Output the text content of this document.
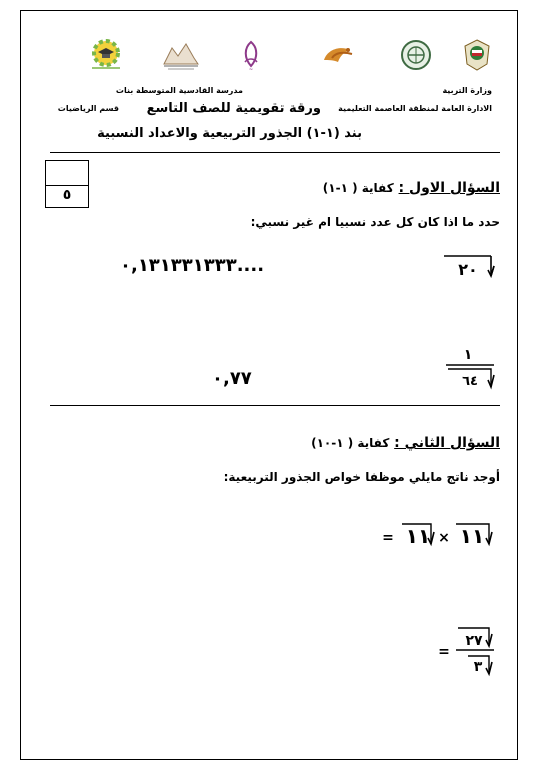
~
وزارة التربية
مدرسة القادسية المتوسطة بنات
الادارة العامة لمنطقة العاصمة التعليمية
ورقة تقويمية للصف التاسع
قسم الرياضيات
بند (١-١) الجذور التربيعية والاعداد النسبية
٥	السؤال الاول : كفاية ( ١-١)
حدد ما اذا كان كل عدد نسبيا ام غير نسبي:
٢٠
٠,١٣١٣٣١٣٣٣....
١
٦٤
٠,٧٧
السؤال الثاني : كفاية ( ١-١٠)
أوجد ناتج مايلي موظفا خواص الجذور التربيعية:
= ١١ × ١١
=
٢٧
٣
